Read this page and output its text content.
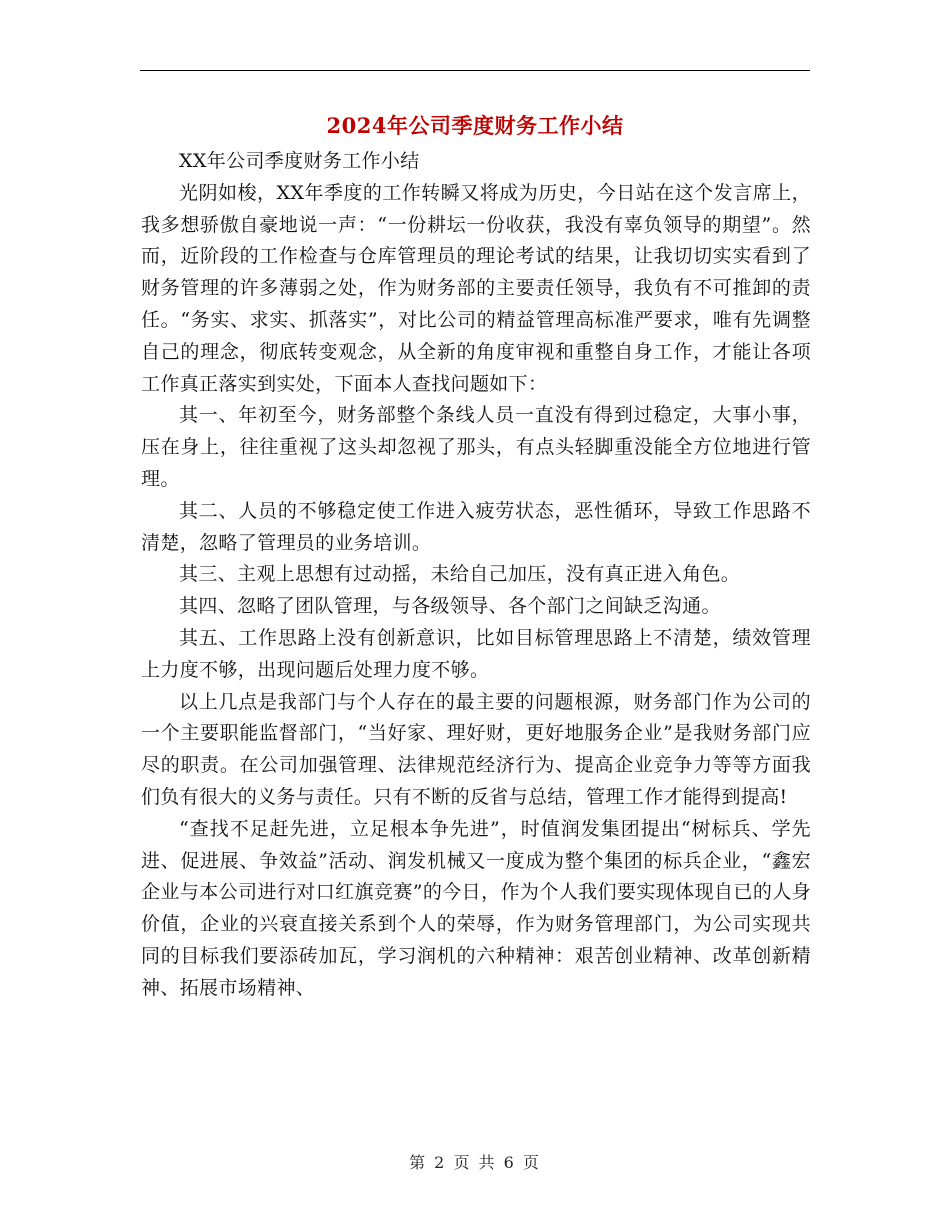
2024年公司季度财务工作小结

XX年公司季度财务工作小结

光阴如梭，XX年季度的工作转瞬又将成为历史，今日站在这个发言席上，我多想骄傲自豪地说一声：“一份耕坛一份收获，我没有辜负领导的期望”。然而，近阶段的工作检查与仓库管理员的理论考试的结果，让我切切实实看到了财务管理的许多薄弱之处，作为财务部的主要责任领导，我负有不可推卸的责任。“务实、求实、抓落实”，对比公司的精益管理高标准严要求，唯有先调整自己的理念，彻底转变观念，从全新的角度审视和重整自身工作，才能让各项工作真正落实到实处，下面本人查找问题如下：

其一、年初至今，财务部整个条线人员一直没有得到过稳定，大事小事，压在身上，往往重视了这头却忽视了那头，有点头轻脚重没能全方位地进行管理。

其二、人员的不够稳定使工作进入疲劳状态，恶性循环，导致工作思路不清楚，忽略了管理员的业务培训。

其三、主观上思想有过动摇，未给自己加压，没有真正进入角色。

其四、忽略了团队管理，与各级领导、各个部门之间缺乏沟通。

其五、工作思路上没有创新意识，比如目标管理思路上不清楚，绩效管理上力度不够，出现问题后处理力度不够。

以上几点是我部门与个人存在的最主要的问题根源，财务部门作为公司的一个主要职能监督部门，“当好家、理好财，更好地服务企业”是我财务部门应尽的职责。在公司加强管理、法律规范经济行为、提高企业竞争力等等方面我们负有很大的义务与责任。只有不断的反省与总结，管理工作才能得到提高!

“查找不足赶先进，立足根本争先进”，时值润发集团提出“树标兵、学先进、促进展、争效益”活动、润发机械又一度成为整个集团的标兵企业，“鑫宏企业与本公司进行对口红旗竞赛”的今日，作为个人我们要实现体现自已的人身价值，企业的兴衰直接关系到个人的荣辱，作为财务管理部门，为公司实现共同的目标我们要添砖加瓦，学习润机的六种精神：艰苦创业精神、改革创新精神、拓展市场精神、

第 2 页 共 6 页
